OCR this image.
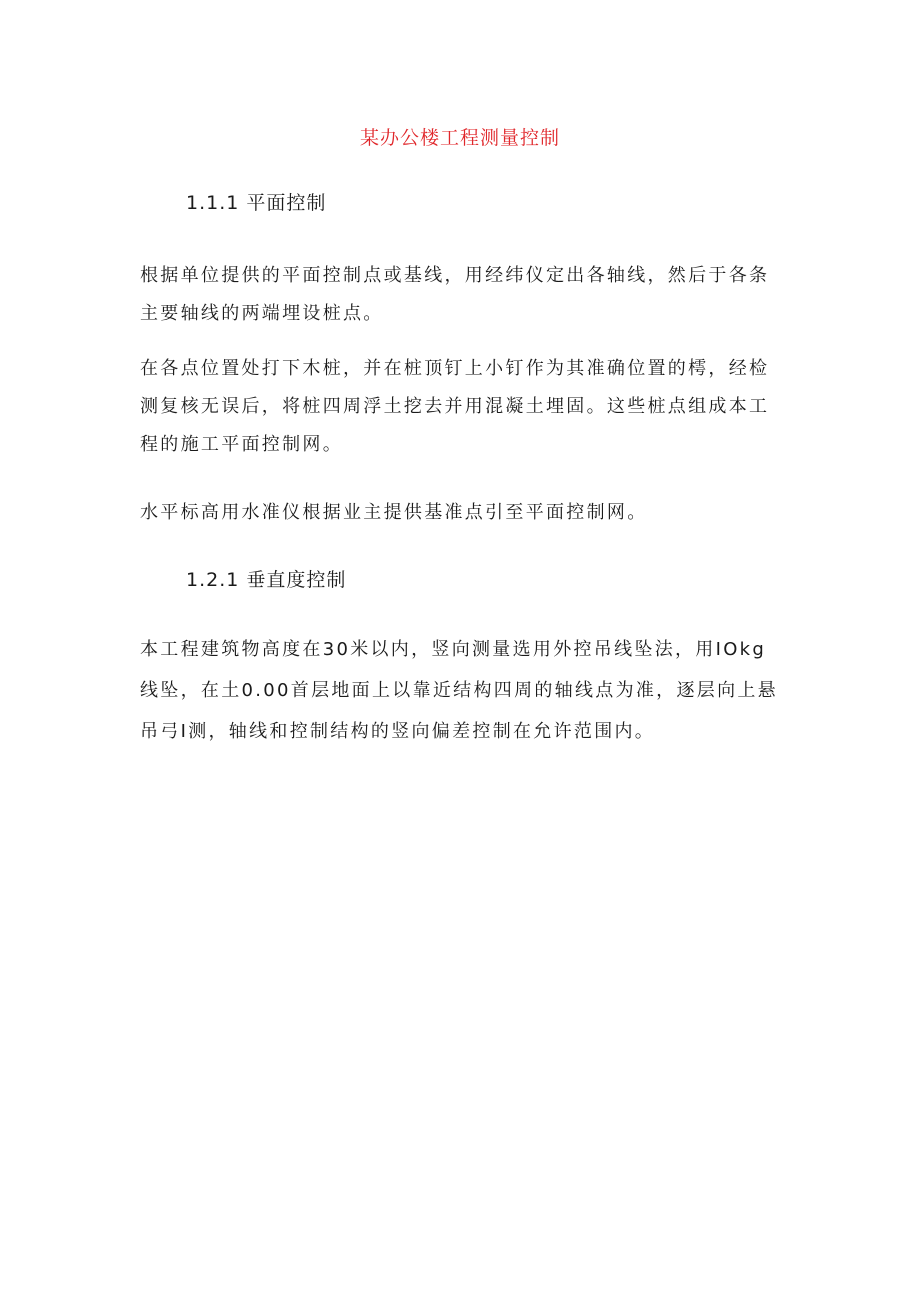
某办公楼工程测量控制
1.1.1 平面控制

根据单位提供的平面控制点或基线，用经纬仪定出各轴线，然后于各条主要轴线的两端埋设桩点。

在各点位置处打下木桩，并在桩顶钉上小钉作为其准确位置的樗，经检测复核无误后，将桩四周浮土挖去并用混凝土埋固。这些桩点组成本工程的施工平面控制网。

水平标高用水准仪根据业主提供基准点引至平面控制网。

1.2.1 垂直度控制

本工程建筑物高度在30米以内，竖向测量选用外控吊线坠法，用IOkg线坠，在土0.00首层地面上以靠近结构四周的轴线点为准，逐层向上悬吊弓I测，轴线和控制结构的竖向偏差控制在允许范围内。
